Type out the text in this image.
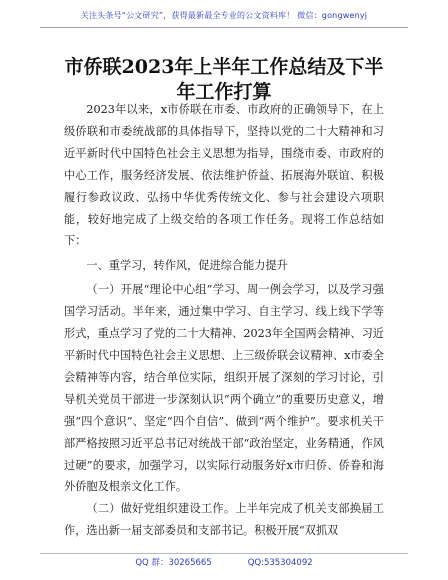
关注头条号“公文研究”，获得最新最全专业的公文资料库！ 微信：gongwenyj
市侨联2023年上半年工作总结及下半年工作打算

2023年以来，x市侨联在市委、市政府的正确领导下，在上级侨联和市委统战部的具体指导下，坚持以党的二十大精神和习近平新时代中国特色社会主义思想为指导，围绕市委、市政府的中心工作，服务经济发展、依法维护侨益、拓展海外联谊、积极履行参政议政、弘扬中华优秀传统文化、参与社会建设六项职能，较好地完成了上级交给的各项工作任务。现将工作总结如下：

一、重学习，转作风，促进综合能力提升

（一）开展“理论中心组”学习、周一例会学习，以及学习强国学习活动。半年来，通过集中学习、自主学习、线上线下学等形式，重点学习了党的二十大精神、2023年全国两会精神、习近平新时代中国特色社会主义思想、上三级侨联会议精神、x市委全会精神等内容，结合单位实际，组织开展了深刻的学习讨论，引导机关党员干部进一步深刻认识“两个确立”的重要历史意义，增强“四个意识”、坚定“四个自信”、做到“两个维护”。要求机关干部严格按照习近平总书记对统战干部“政治坚定，业务精通，作风过硬”的要求，加强学习，以实际行动服务好x市归侨、侨眷和海外侨胞及根亲文化工作。

（二）做好党组织建设工作。上半年完成了机关支部换届工作，选出新一届支部委员和支部书记。积极开展“双抓双

QQ 群：30265665	QQ:535304092
